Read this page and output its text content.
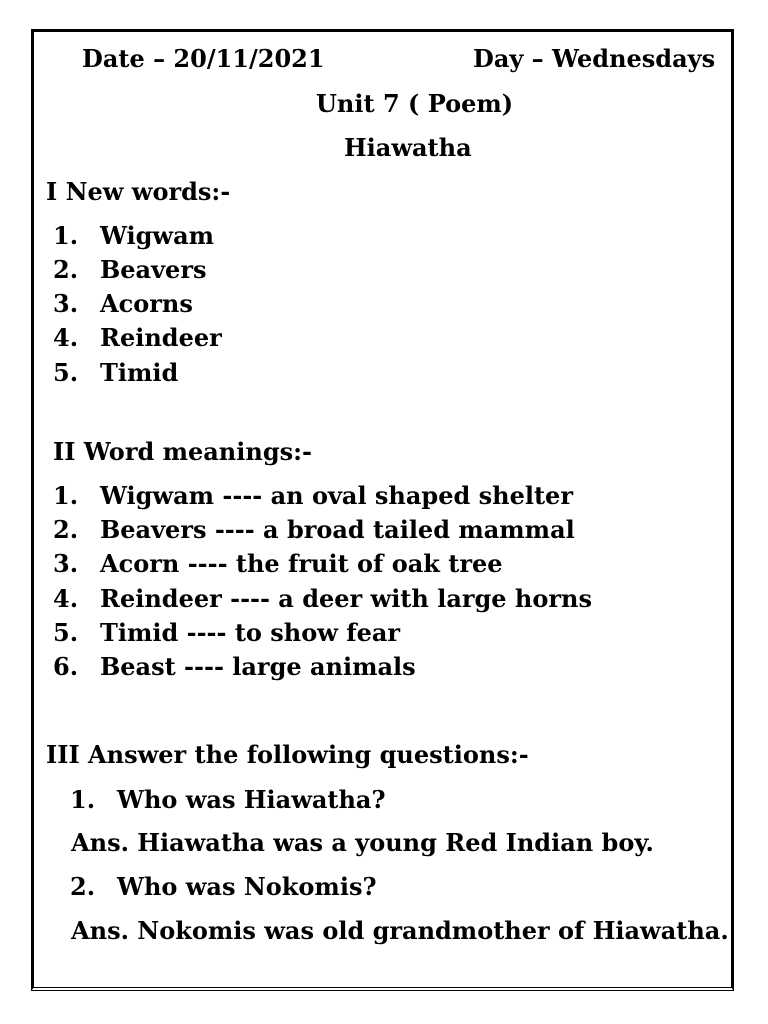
Date – 20/11/2021	Day – Wednesdays
Unit 7 ( Poem)
Hiawatha
I New words:-
1. Wigwam
2. Beavers
3. Acorns
4. Reindeer
5. Timid
II Word meanings:-
1. Wigwam ---- an oval shaped shelter
2. Beavers ---- a broad tailed mammal
3. Acorn ---- the fruit of oak tree
4. Reindeer ---- a deer with large horns
5. Timid ---- to show fear
6. Beast ---- large animals
III Answer the following questions:-
1. Who was Hiawatha?
Ans. Hiawatha was a young Red Indian boy.
2. Who was Nokomis?
Ans. Nokomis was old grandmother of Hiawatha.
